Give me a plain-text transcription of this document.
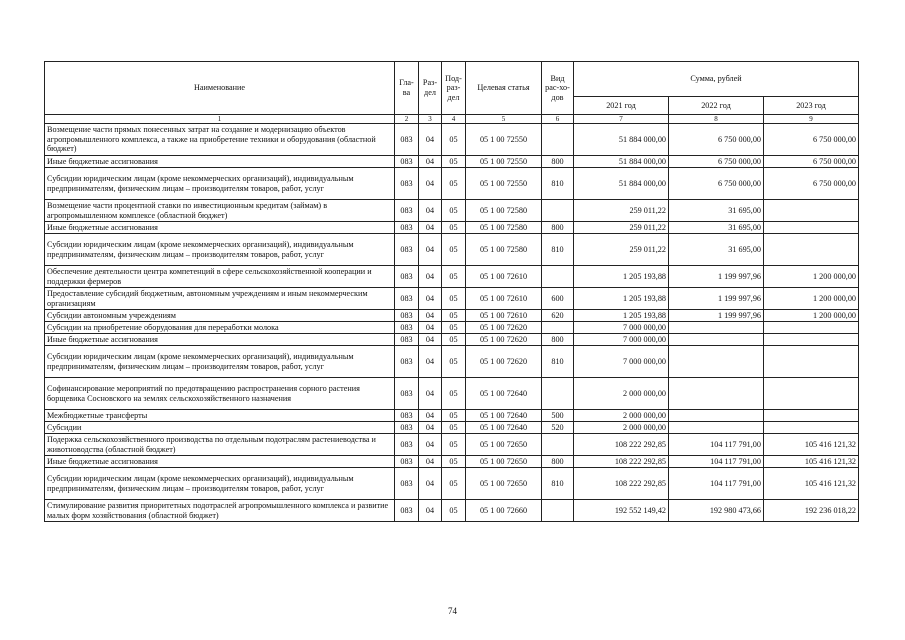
Наименование	Гла-ва	Раз-дел	Под-раз-дел	Целевая статья	Вид рас-хо-дов	Сумма, рублей		
						2021 год	2022 год	2023 год
1	2	3	4	5	6	7	8	9
Возмещение части прямых понесенных затрат на создание и модернизацию объектов агропромышленного комплекса, а также на приобретение техники и оборудования (областной бюджет)	083	04	05	05 1 00 72550		51 884 000,00	6 750 000,00	6 750 000,00
Иные бюджетные ассигнования	083	04	05	05 1 00 72550	800	51 884 000,00	6 750 000,00	6 750 000,00
Субсидии юридическим лицам (кроме некоммерческих организаций), индивидуальным предпринимателям, физическим лицам – производителям товаров, работ, услуг	083	04	05	05 1 00 72550	810	51 884 000,00	6 750 000,00	6 750 000,00
Возмещение части процентной ставки по инвестиционным кредитам (займам) в агропромышленном комплексе (областной бюджет)	083	04	05	05 1 00 72580		259 011,22	31 695,00	
Иные бюджетные ассигнования	083	04	05	05 1 00 72580	800	259 011,22	31 695,00	
Субсидии юридическим лицам (кроме некоммерческих организаций), индивидуальным предпринимателям, физическим лицам – производителям товаров, работ, услуг	083	04	05	05 1 00 72580	810	259 011,22	31 695,00	
Обеспечение деятельности центра компетенций в сфере сельскохозяйственной кооперации и поддержки фермеров	083	04	05	05 1 00 72610		1 205 193,88	1 199 997,96	1 200 000,00
Предоставление субсидий бюджетным, автономным учреждениям и иным некоммерческим организациям	083	04	05	05 1 00 72610	600	1 205 193,88	1 199 997,96	1 200 000,00
Субсидии автономным учреждениям	083	04	05	05 1 00 72610	620	1 205 193,88	1 199 997,96	1 200 000,00
Субсидии на приобретение оборудования для переработки молока	083	04	05	05 1 00 72620		7 000 000,00		
Иные бюджетные ассигнования	083	04	05	05 1 00 72620	800	7 000 000,00		
Субсидии юридическим лицам (кроме некоммерческих организаций), индивидуальным предпринимателям, физическим лицам – производителям товаров, работ, услуг	083	04	05	05 1 00 72620	810	7 000 000,00		
Софинансирование мероприятий по предотвращению распространения сорного растения борщевика Сосновского на землях сельскохозяйственного назначения	083	04	05	05 1 00 72640		2 000 000,00		
Межбюджетные трансферты	083	04	05	05 1 00 72640	500	2 000 000,00		
Субсидии	083	04	05	05 1 00 72640	520	2 000 000,00		
Подержка сельскохозяйственного производства по отдельным подотраслям растениеводства и животноводства (областной бюджет)	083	04	05	05 1 00 72650		108 222 292,85	104 117 791,00	105 416 121,32
Иные бюджетные ассигнования	083	04	05	05 1 00 72650	800	108 222 292,85	104 117 791,00	105 416 121,32
Субсидии юридическим лицам (кроме некоммерческих организаций), индивидуальным предпринимателям, физическим лицам – производителям товаров, работ, услуг	083	04	05	05 1 00 72650	810	108 222 292,85	104 117 791,00	105 416 121,32
Стимулирование развития приоритетных подотраслей агропромышленного комплекса и развитие малых форм хозяйствования (областной бюджет)	083	04	05	05 1 00 72660		192 552 149,42	192 980 473,66	192 236 018,22
74
